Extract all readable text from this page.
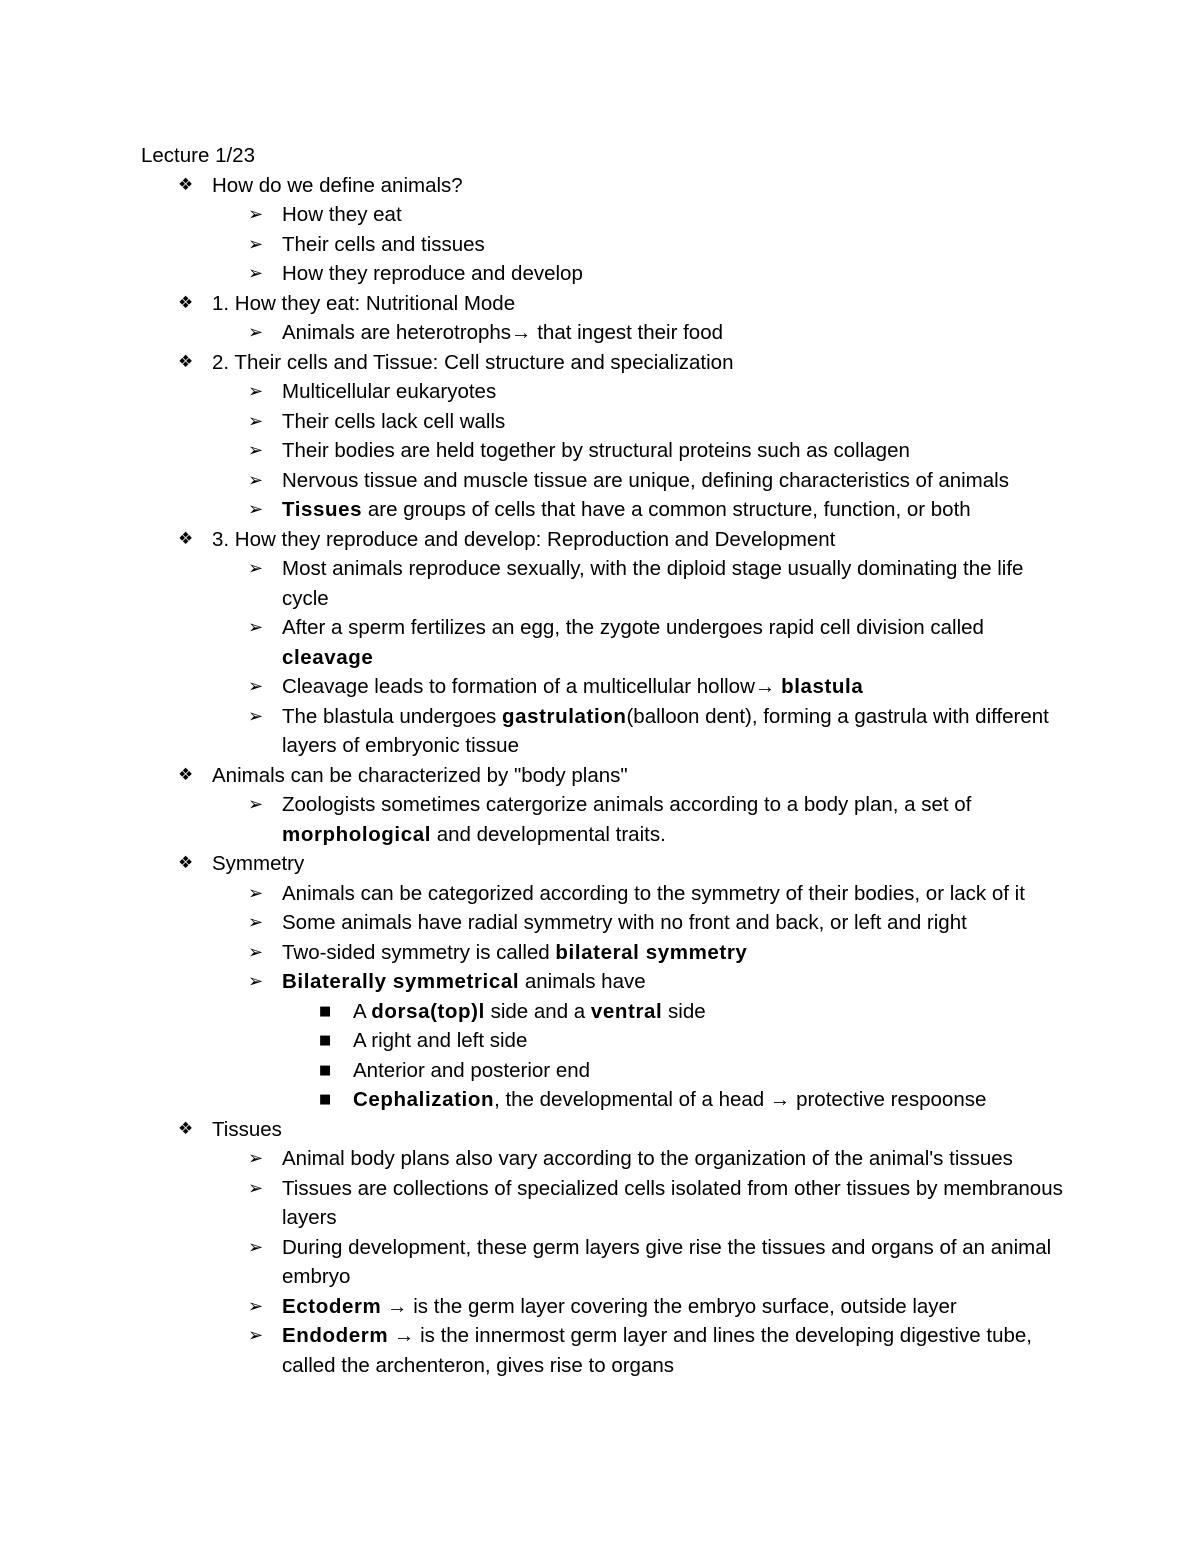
Lecture 1/23
❖ How do we define animals?
➢ How they eat
➢ Their cells and tissues
➢ How they reproduce and develop
❖ 1. How they eat: Nutritional Mode
➢ Animals are heterotrophs→ that ingest their food
❖ 2. Their cells and Tissue: Cell structure and specialization
➢ Multicellular eukaryotes
➢ Their cells lack cell walls
➢ Their bodies are held together by structural proteins such as collagen
➢ Nervous tissue and muscle tissue are unique, defining characteristics of animals
➢ Tissues are groups of cells that have a common structure, function, or both
❖ 3. How they reproduce and develop: Reproduction and Development
➢ Most animals reproduce sexually, with the diploid stage usually dominating the life cycle
➢ After a sperm fertilizes an egg, the zygote undergoes rapid cell division called cleavage
➢ Cleavage leads to formation of a multicellular hollow→ blastula
➢ The blastula undergoes gastrulation(balloon dent), forming a gastrula with different layers of embryonic tissue
❖ Animals can be characterized by "body plans"
➢ Zoologists sometimes catergorize animals according to a body plan, a set of morphological and developmental traits.
❖ Symmetry
➢ Animals can be categorized according to the symmetry of their bodies, or lack of it
➢ Some animals have radial symmetry with no front and back, or left and right
➢ Two-sided symmetry is called bilateral symmetry
➢ Bilaterally symmetrical animals have
■	A dorsa(top)l side and a ventral side
■	A right and left side
■	Anterior and posterior end
■	Cephalization, the developmental of a head → protective respoonse
❖ Tissues
➢ Animal body plans also vary according to the organization of the animal's tissues
➢ Tissues are collections of specialized cells isolated from other tissues by membranous layers
➢ During development, these germ layers give rise the tissues and organs of an animal embryo
➢ Ectoderm → is the germ layer covering the embryo surface, outside layer
➢ Endoderm → is the innermost germ layer and lines the developing digestive tube, called the archenteron, gives rise to organs
